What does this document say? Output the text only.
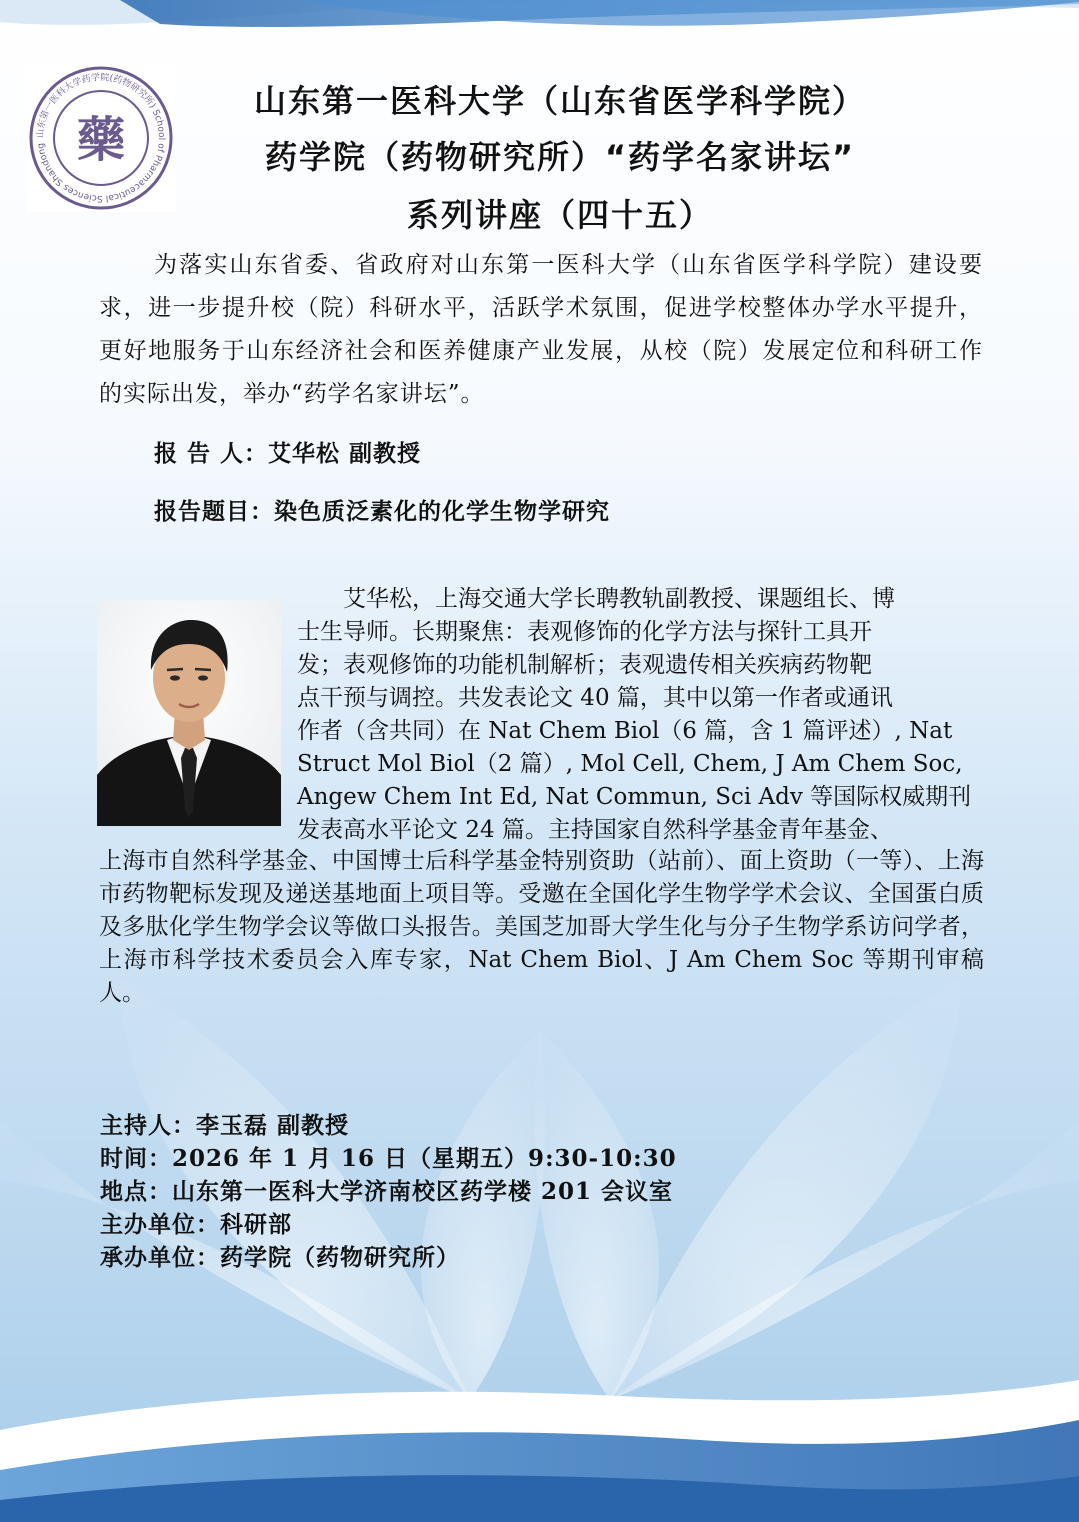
山东第一医科大学药学院(药物研究所) School of Pharmaceutical Sciences Shandong 藥
山东第一医科大学（山东省医学科学院）
药学院（药物研究所）“药学名家讲坛”
系列讲座（四十五）
为落实山东省委、省政府对山东第一医科大学（山东省医学科学院）建设要求，进一步提升校（院）科研水平，活跃学术氛围，促进学校整体办学水平提升，更好地服务于山东经济社会和医养健康产业发展，从校（院）发展定位和科研工作的实际出发，举办“药学名家讲坛”。
报 告 人：艾华松 副教授
报告题目：染色质泛素化的化学生物学研究

　　艾华松，上海交通大学长聘教轨副教授、课题组长、博

士生导师。长期聚焦：表观修饰的化学方法与探针工具开

发；表观修饰的功能机制解析；表观遗传相关疾病药物靶

点干预与调控。共发表论文 40 篇，其中以第一作者或通讯

作者（含共同）在 Nat Chem Biol（6 篇，含 1 篇评述）, Nat

Struct Mol Biol（2 篇）, Mol Cell, Chem, J Am Chem Soc,

Angew Chem Int Ed, Nat Commun, Sci Adv 等国际权威期刊

发表高水平论文 24 篇。主持国家自然科学基金青年基金、

上海市自然科学基金、中国博士后科学基金特别资助（站前）、面上资助（一等）、上海市药物靶标发现及递送基地面上项目等。受邀在全国化学生物学学术会议、全国蛋白质及多肽化学生物学会议等做口头报告。美国芝加哥大学生化与分子生物学系访问学者，上海市科学技术委员会入库专家，Nat Chem Biol、J Am Chem Soc 等期刊审稿人。
主持人：李玉磊 副教授
时间：2026 年 1 月 16 日（星期五）9:30-10:30
地点：山东第一医科大学济南校区药学楼 201 会议室
主办单位：科研部
承办单位：药学院（药物研究所）
